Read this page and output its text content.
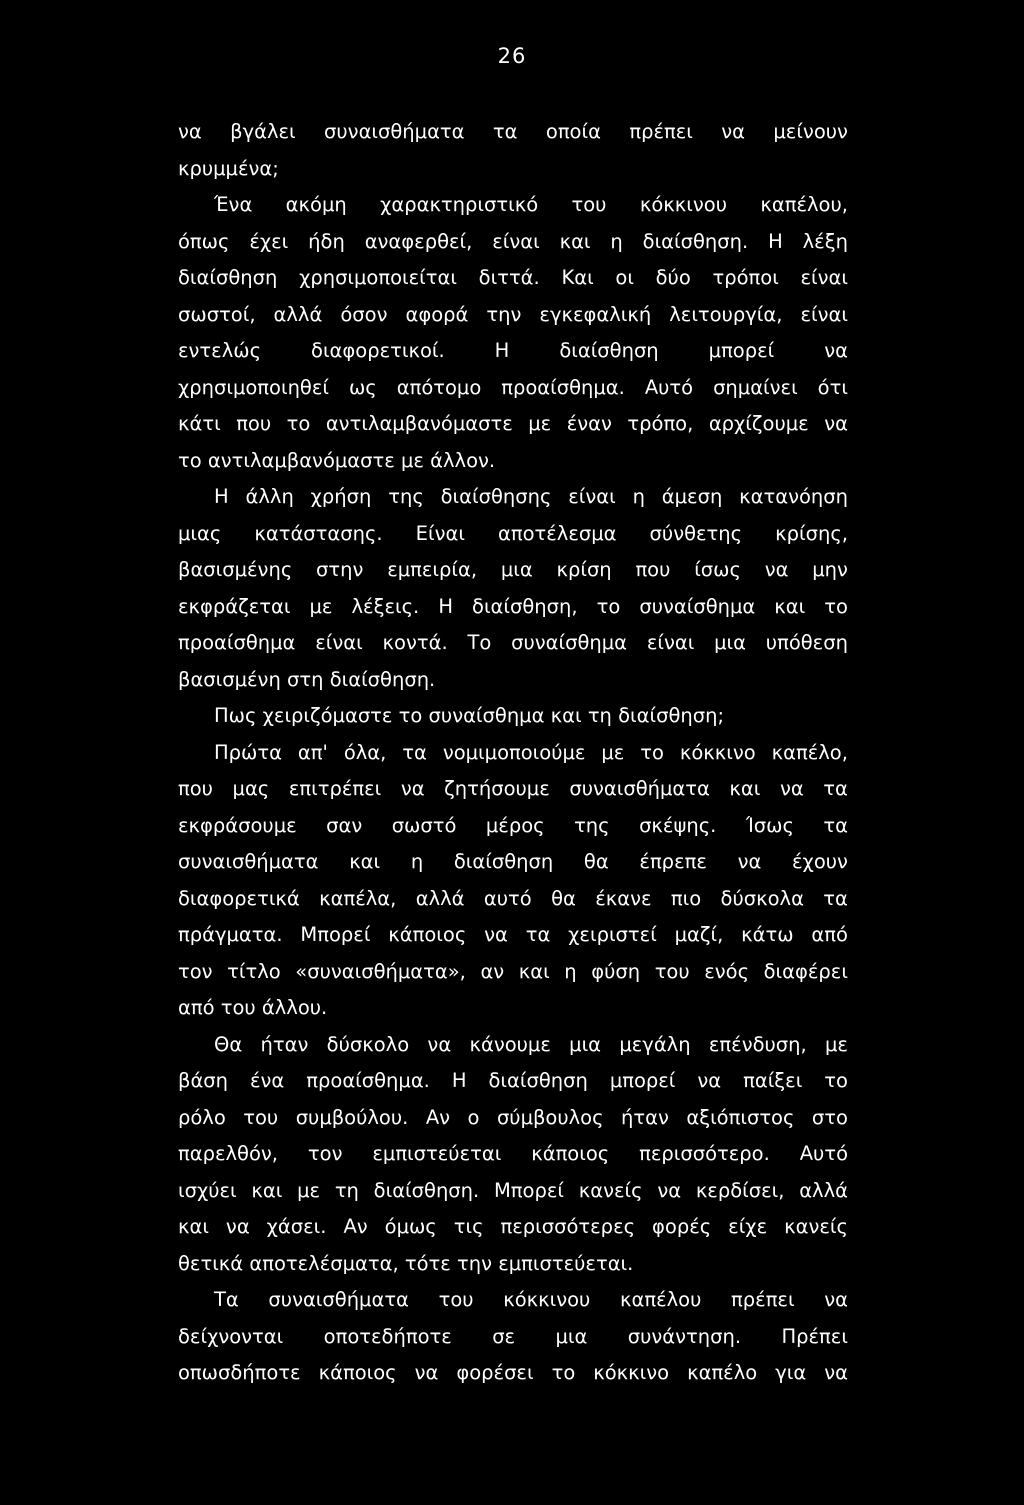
26
να βγάλει συναισθήματα τα οποία πρέπει να μείνουν
κρυμμένα;
Ένα ακόμη χαρακτηριστικό του κόκκινου καπέλου,
όπως έχει ήδη αναφερθεί, είναι και η διαίσθηση. Η λέξη
διαίσθηση χρησιμοποιείται διττά. Και οι δύο τρόποι είναι
σωστοί, αλλά όσον αφορά την εγκεφαλική λειτουργία, είναι
εντελώς	διαφορετικοί.	Η	διαίσθηση	μπορεί	να
χρησιμοποιηθεί ως απότομο προαίσθημα. Αυτό σημαίνει ότι
κάτι που το αντιλαμβανόμαστε με έναν τρόπο, αρχίζουμε να
το αντιλαμβανόμαστε με άλλον.
Η άλλη χρήση της διαίσθησης είναι η άμεση κατανόηση
μιας κατάστασης. Είναι αποτέλεσμα σύνθετης κρίσης,
βασισμένης στην εμπειρία, μια κρίση που ίσως να μην
εκφράζεται με λέξεις. Η διαίσθηση, το συναίσθημα και το
προαίσθημα είναι κοντά. Το συναίσθημα είναι μια υπόθεση
βασισμένη στη διαίσθηση.
Πως χειριζόμαστε το συναίσθημα και τη διαίσθηση;
Πρώτα απ' όλα, τα νομιμοποιούμε με το κόκκινο καπέλο,
που μας επιτρέπει να ζητήσουμε συναισθήματα και να τα
εκφράσουμε σαν σωστό μέρος της σκέψης. Ίσως τα
συναισθήματα και η διαίσθηση θα έπρεπε να έχουν
διαφορετικά καπέλα, αλλά αυτό θα έκανε πιο δύσκολα τα
πράγματα. Μπορεί κάποιος να τα χειριστεί μαζί, κάτω από
τον τίτλο «συναισθήματα», αν και η φύση του ενός διαφέρει
από του άλλου.
Θα ήταν δύσκολο να κάνουμε μια μεγάλη επένδυση, με
βάση ένα προαίσθημα. Η διαίσθηση μπορεί να παίξει το
ρόλο του συμβούλου. Αν ο σύμβουλος ήταν αξιόπιστος στο
παρελθόν, τον εμπιστεύεται κάποιος περισσότερο. Αυτό
ισχύει και με τη διαίσθηση. Μπορεί κανείς να κερδίσει, αλλά
και να χάσει. Αν όμως τις περισσότερες φορές είχε κανείς
θετικά αποτελέσματα, τότε την εμπιστεύεται.
Τα συναισθήματα του κόκκινου καπέλου πρέπει να
δείχνονται οποτεδήποτε σε μια συνάντηση. Πρέπει
οπωσδήποτε κάποιος να φορέσει το κόκκινο καπέλο για να
